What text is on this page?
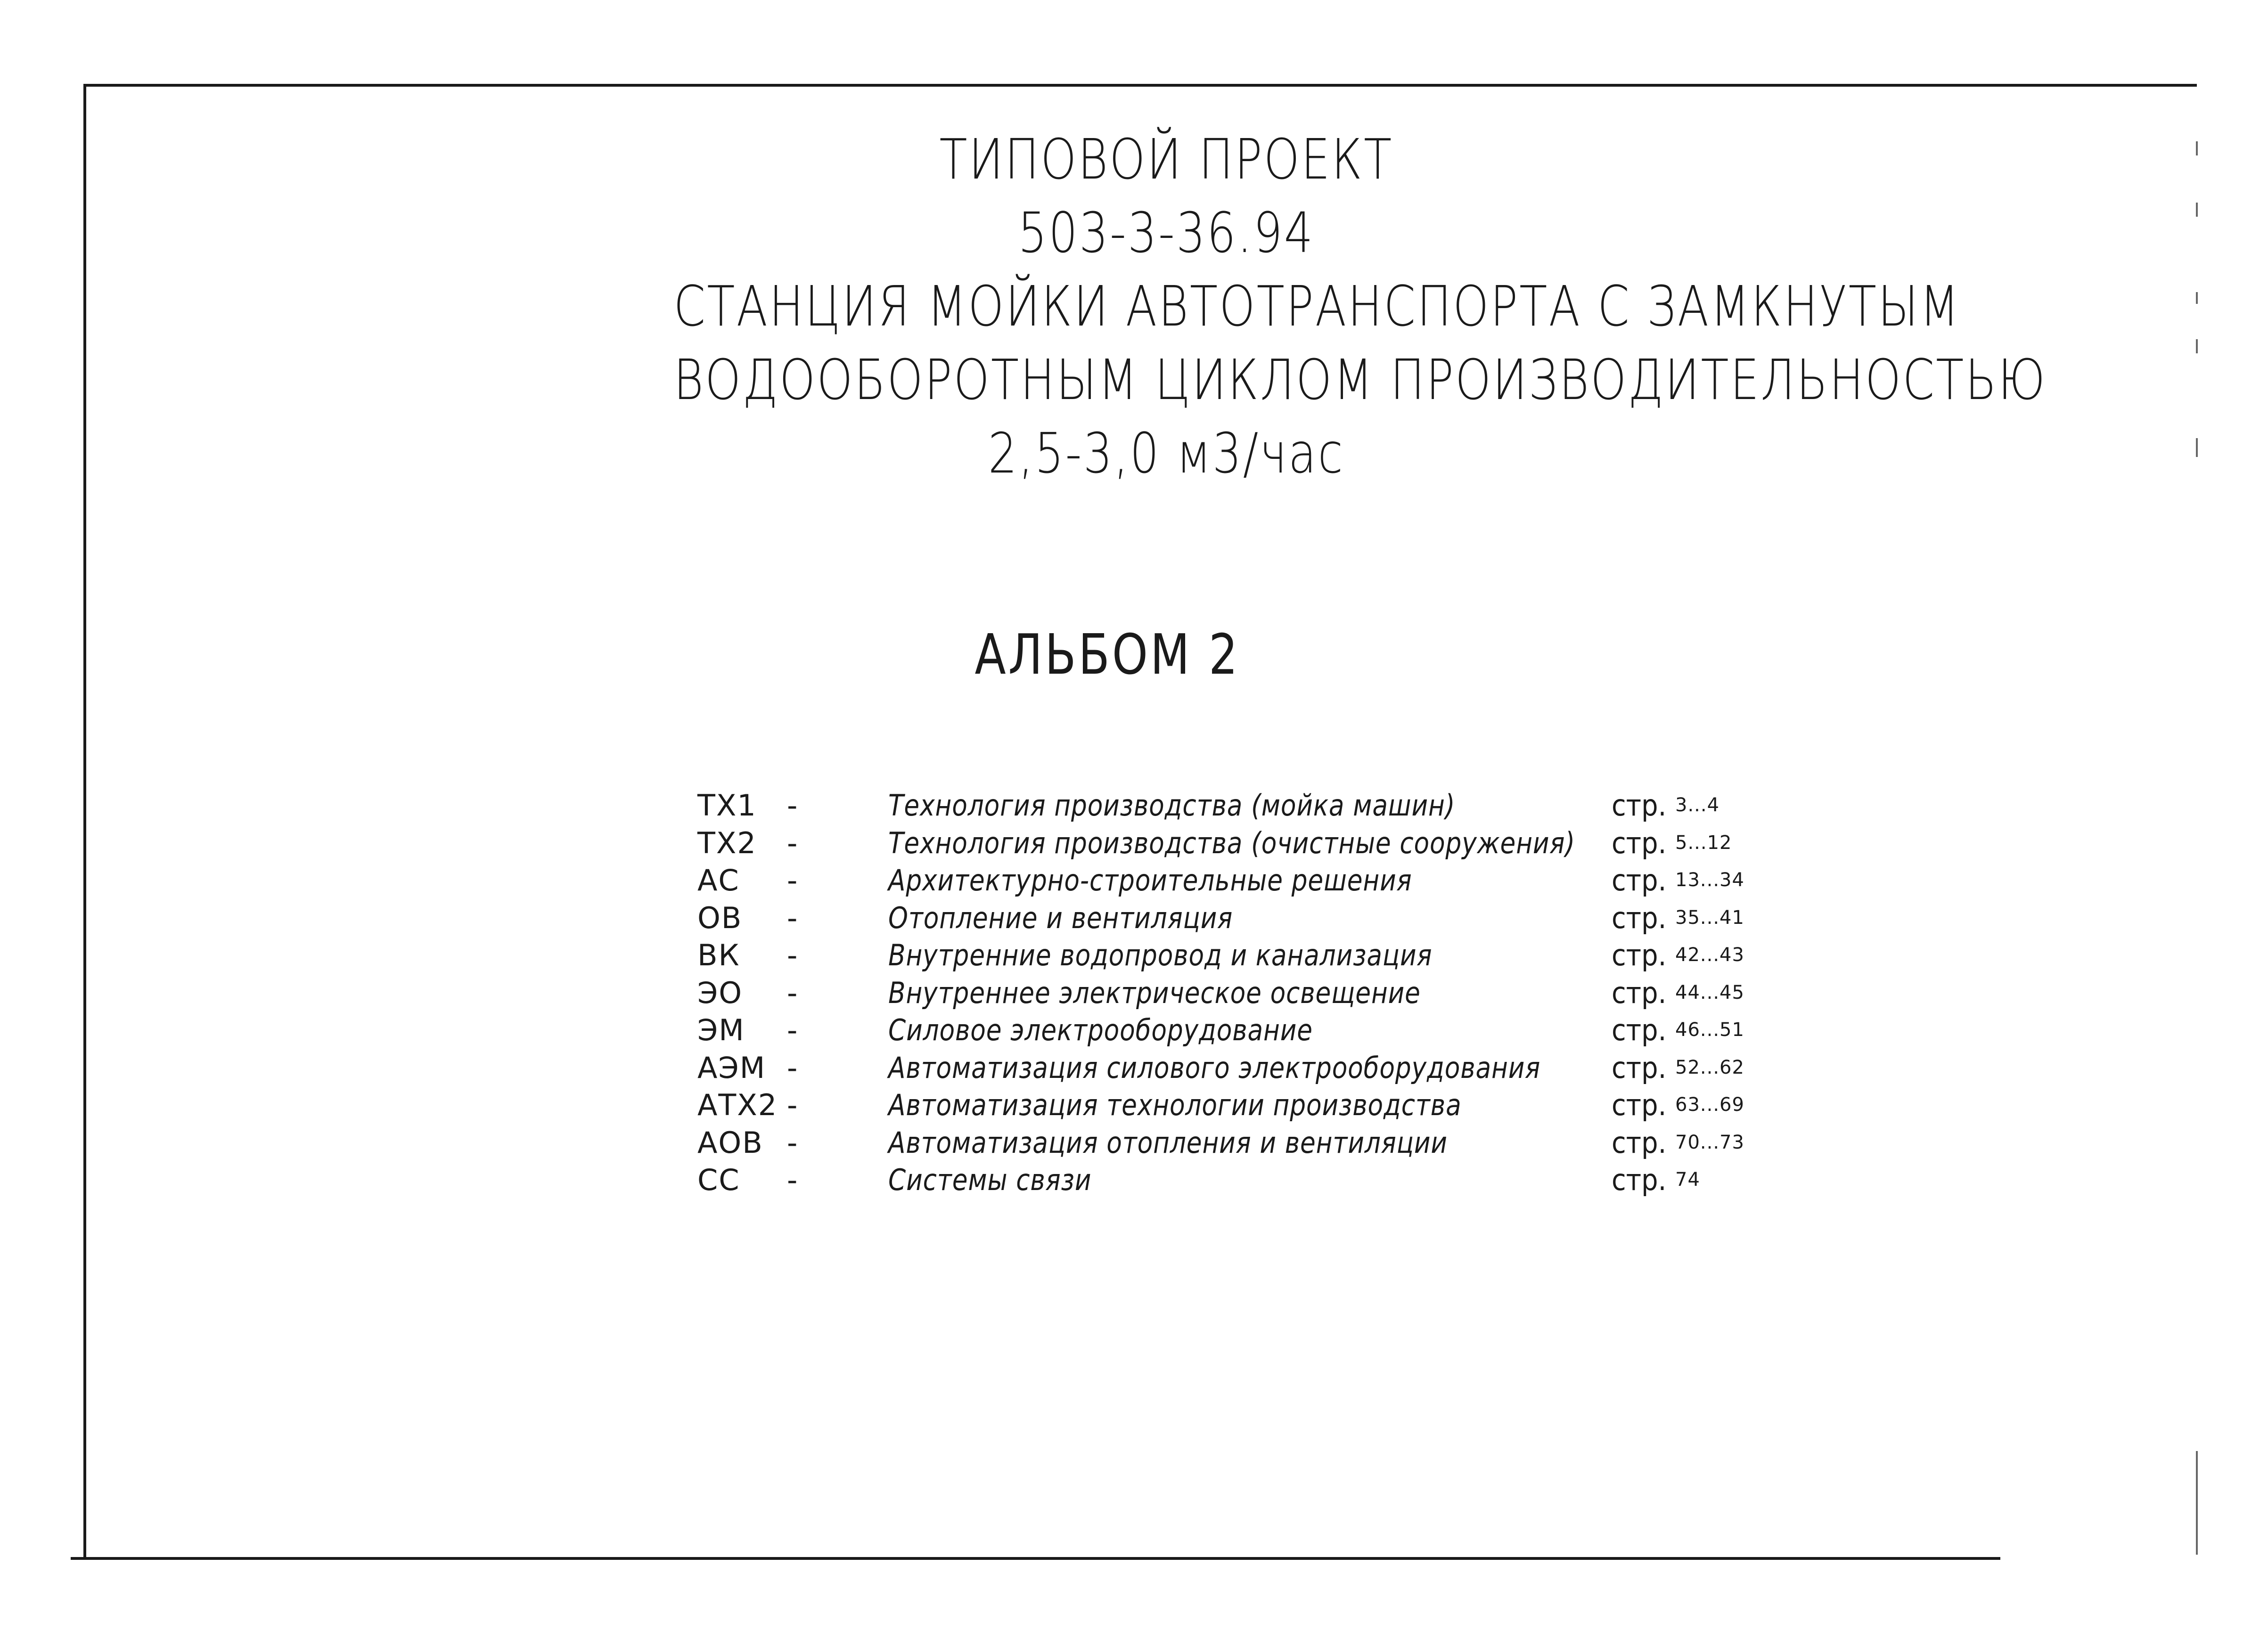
ТИПОВОЙ ПРОЕКТ
503-3-36.94
СТАНЦИЯ МОЙКИ АВТОТРАНСПОРТА С ЗАМКНУТЫМ
ВОДООБОРОТНЫМ ЦИКЛОМ ПРОИЗВОДИТЕЛЬНОСТЬЮ
2,5-3,0 м3/час
АЛЬБОМ 2
ТХ1	-	Технология производства (мойка машин)	стр. 3...4
ТХ2	-	Технология производства (очистные сооружения) стр. 5...12
АС	-	Архитектурно-строительные решения	стр. 13...34
ОВ	-	Отопление и вентиляция	стр. 35...41
ВК	-	Внутренние водопровод и канализация	стр. 42...43
ЭО	-	Внутреннее электрическое освещение	стр. 44...45
ЭМ	-	Силовое электрооборудование	стр. 46...51
АЭМ -	Автоматизация силового электрооборудования стр. 52...62
АТХ2 -	Автоматизация технологии производства	стр. 63...69
АОВ -	Автоматизация отопления и вентиляции	стр. 70...73
СС	-	Системы связи	стр. 74
